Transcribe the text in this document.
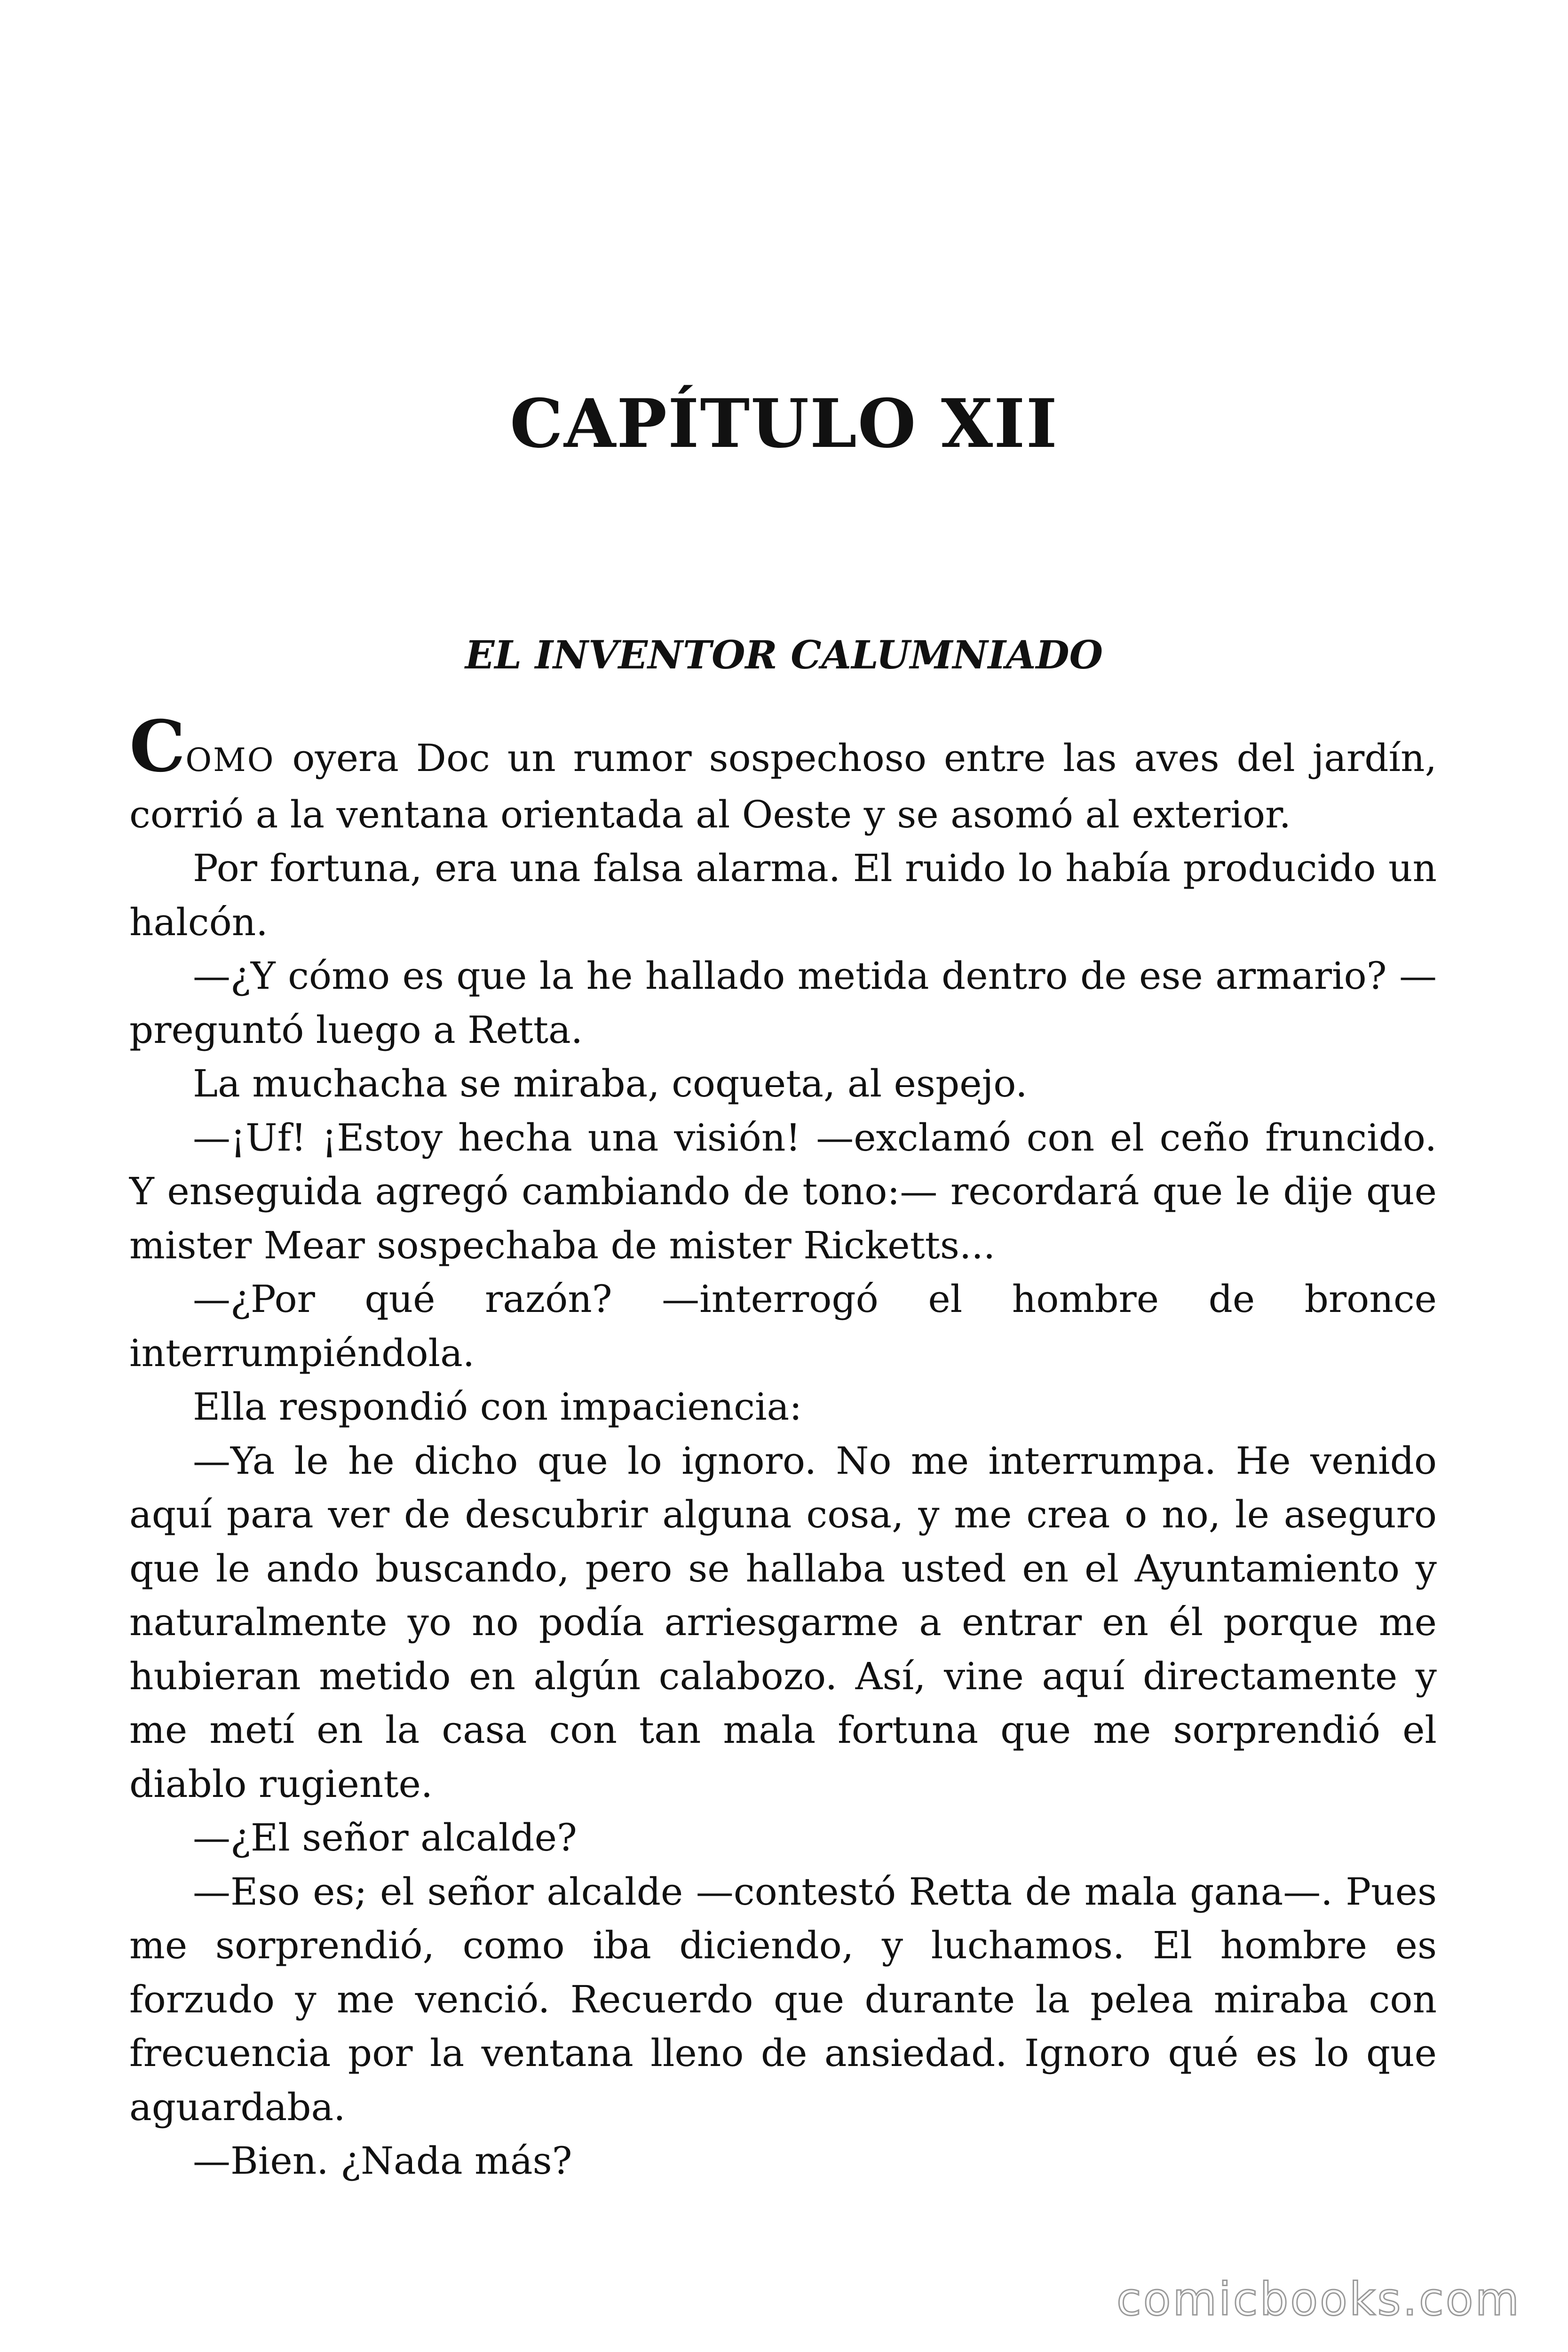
CAPÍTULO XII
EL INVENTOR CALUMNIADO

COMO oyera Doc un rumor sospechoso entre las aves del jardín, corrió a la ventana orientada al Oeste y se asomó al exterior.

Por fortuna, era una falsa alarma. El ruido lo había producido un halcón.

—¿Y cómo es que la he hallado metida dentro de ese armario? —preguntó luego a Retta.

La muchacha se miraba, coqueta, al espejo.

—¡Uf! ¡Estoy hecha una visión! —exclamó con el ceño fruncido. Y enseguida agregó cambiando de tono:— recordará que le dije que mister Mear sospechaba de mister Ricketts...

—¿Por qué razón? —interrogó el hombre de bronce interrumpiéndola.

Ella respondió con impaciencia:

—Ya le he dicho que lo ignoro. No me interrumpa. He venido aquí para ver de descubrir alguna cosa, y me crea o no, le aseguro que le ando buscando, pero se hallaba usted en el Ayuntamiento y naturalmente yo no podía arriesgarme a entrar en él porque me hubieran metido en algún calabozo. Así, vine aquí directamente y me metí en la casa con tan mala fortuna que me sorprendió el diablo rugiente.

—¿El señor alcalde?

—Eso es; el señor alcalde —contestó Retta de mala gana—. Pues me sorprendió, como iba diciendo, y luchamos. El hombre es forzudo y me venció. Recuerdo que durante la pelea miraba con frecuencia por la ventana lleno de ansiedad. Ignoro qué es lo que aguardaba.

—Bien. ¿Nada más?

comicbooks.com
